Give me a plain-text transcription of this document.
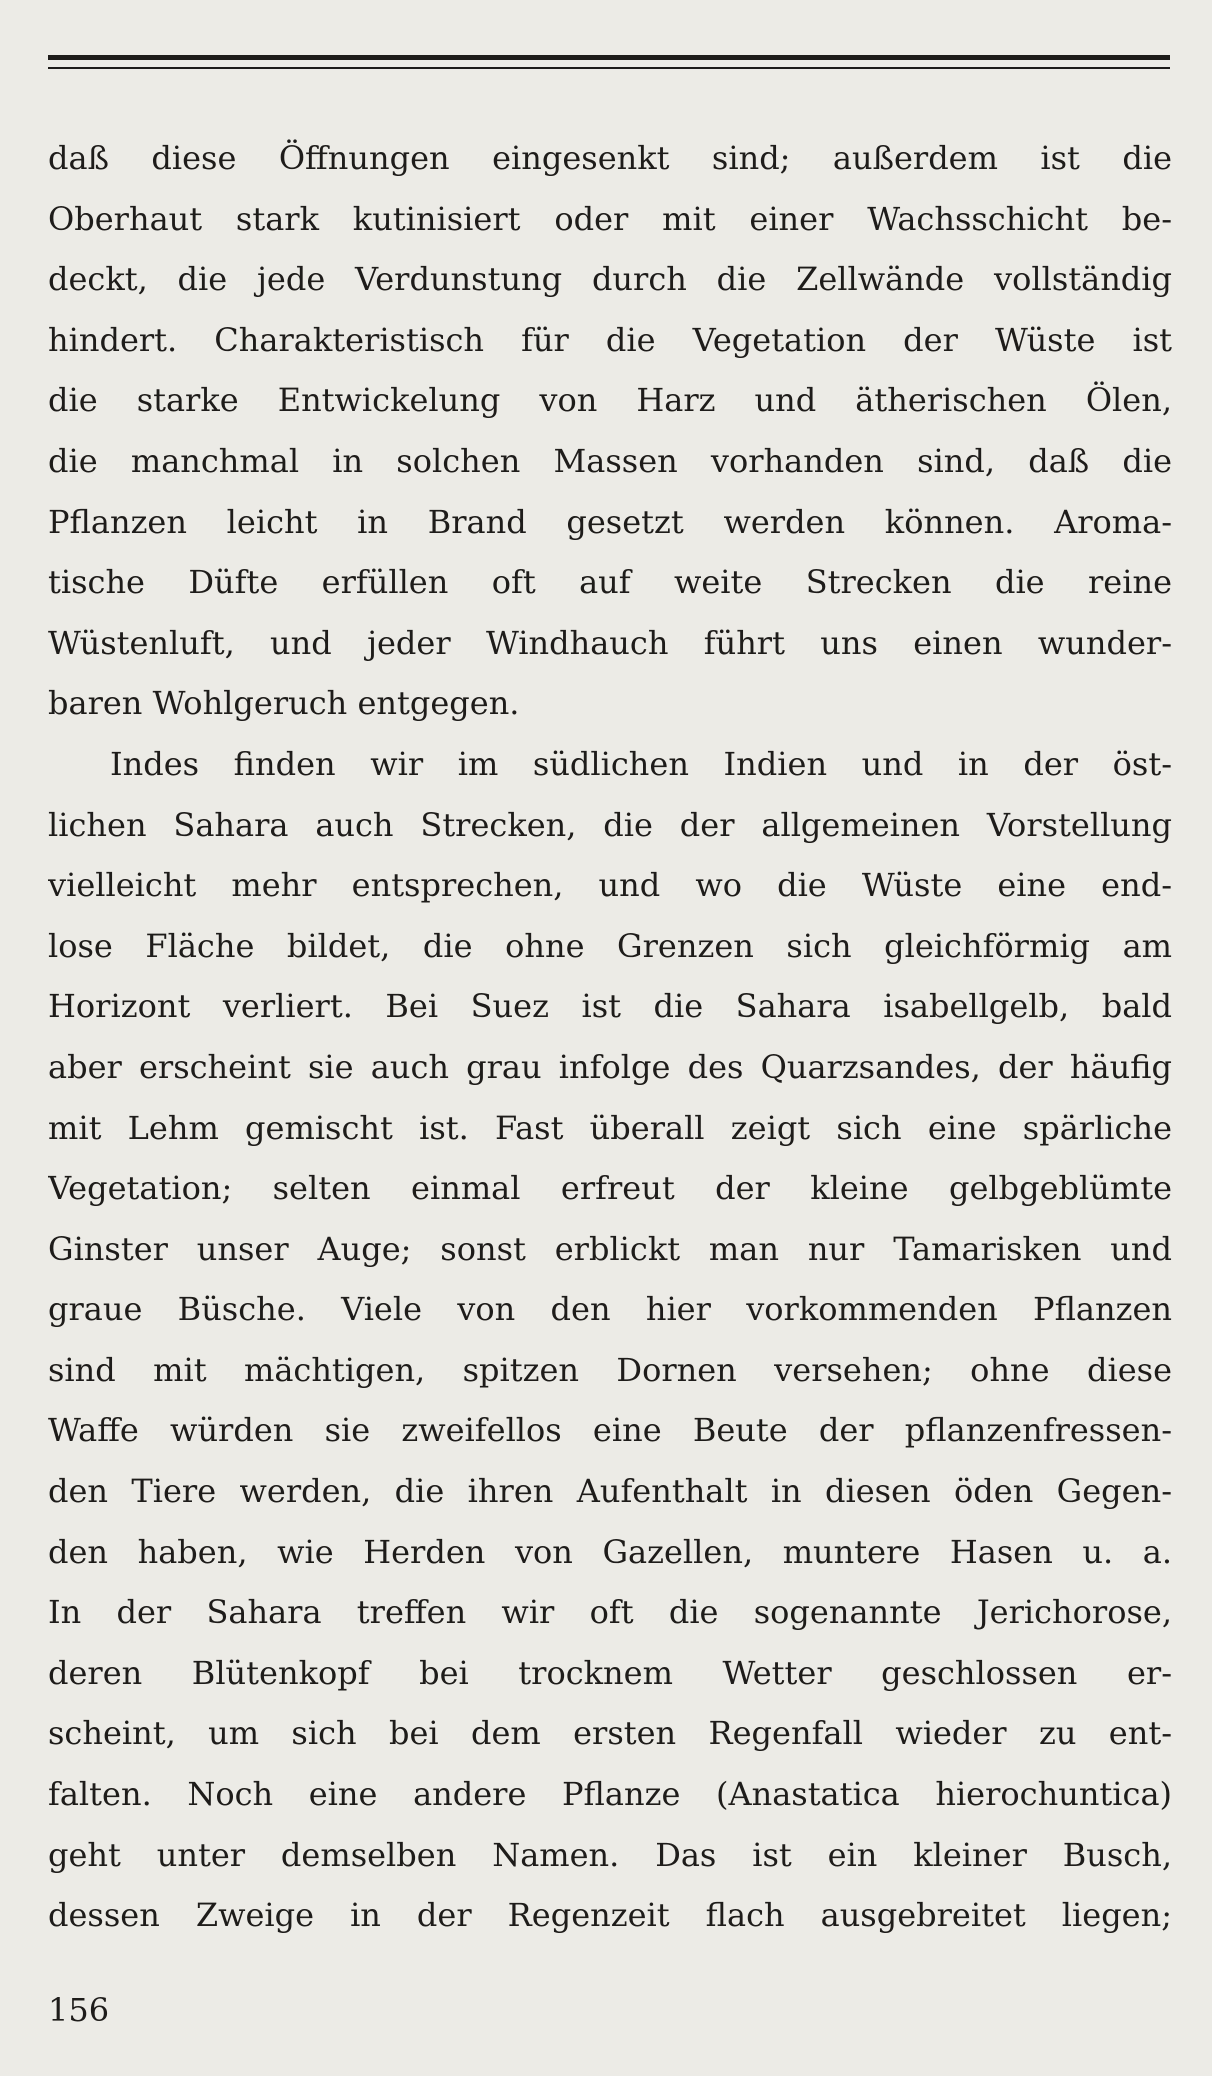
daß diese Öffnungen eingesenkt sind; außerdem ist die
Oberhaut stark kutinisiert oder mit einer Wachsschicht be-
deckt, die jede Verdunstung durch die Zellwände vollständig
hindert. Charakteristisch für die Vegetation der Wüste ist
die starke Entwickelung von Harz und ätherischen Ölen,
die manchmal in solchen Massen vorhanden sind, daß die
Pflanzen leicht in Brand gesetzt werden können. Aroma-
tische Düfte erfüllen oft auf weite Strecken die reine
Wüstenluft, und jeder Windhauch führt uns einen wunder-
baren Wohlgeruch entgegen.
Indes finden wir im südlichen Indien und in der öst-
lichen Sahara auch Strecken, die der allgemeinen Vorstellung
vielleicht mehr entsprechen, und wo die Wüste eine end-
lose Fläche bildet, die ohne Grenzen sich gleichförmig am
Horizont verliert. Bei Suez ist die Sahara isabellgelb, bald
aber erscheint sie auch grau infolge des Quarzsandes, der häufig
mit Lehm gemischt ist. Fast überall zeigt sich eine spärliche
Vegetation; selten einmal erfreut der kleine gelbgeblümte
Ginster unser Auge; sonst erblickt man nur Tamarisken und
graue Büsche. Viele von den hier vorkommenden Pflanzen
sind mit mächtigen, spitzen Dornen versehen; ohne diese
Waffe würden sie zweifellos eine Beute der pflanzenfressen-
den Tiere werden, die ihren Aufenthalt in diesen öden Gegen-
den haben, wie Herden von Gazellen, muntere Hasen u. a.
In der Sahara treffen wir oft die sogenannte Jerichorose,
deren Blütenkopf bei trocknem Wetter geschlossen er-
scheint, um sich bei dem ersten Regenfall wieder zu ent-
falten. Noch eine andere Pflanze (Anastatica hierochuntica)
geht unter demselben Namen. Das ist ein kleiner Busch,
dessen Zweige in der Regenzeit flach ausgebreitet liegen;
156
